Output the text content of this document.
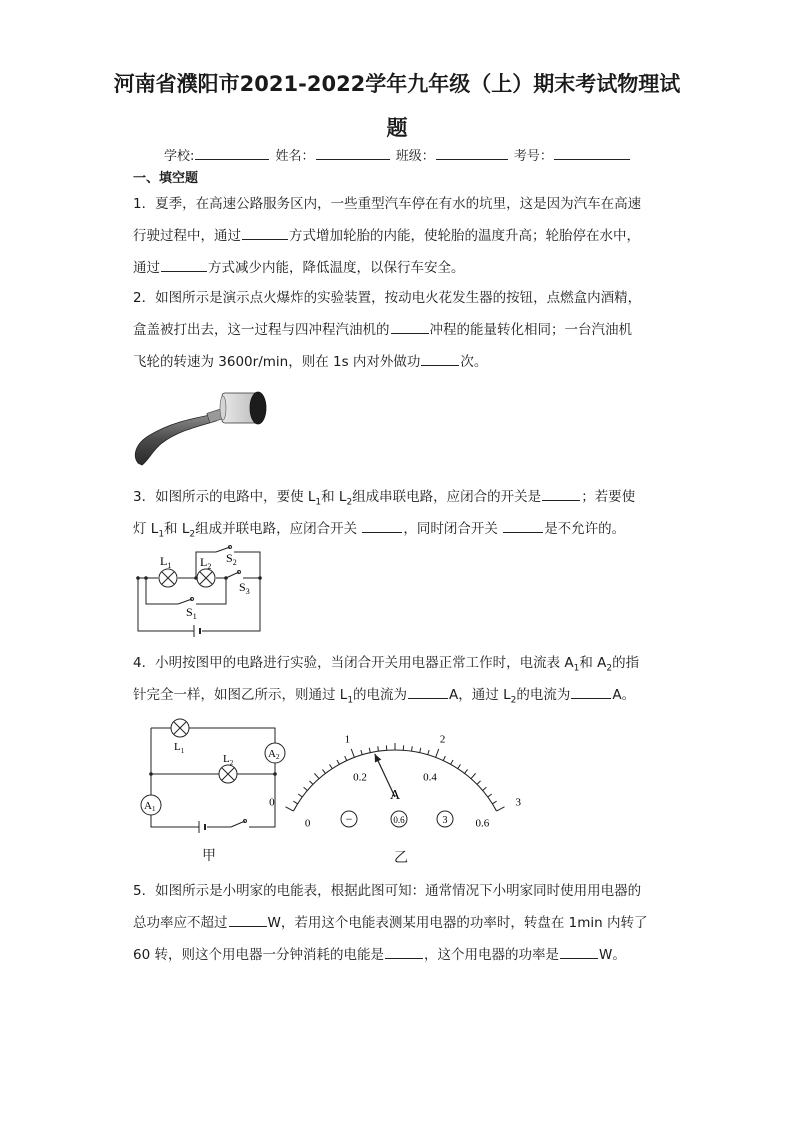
河南省濮阳市2021-2022学年九年级（上）期末考试物理试
题
学校:	姓名：	班级：	考号：
一、填空题
1．夏季，在高速公路服务区内，一些重型汽车停在有水的坑里，这是因为汽车在高速
行驶过程中，通过	方式增加轮胎的内能，使轮胎的温度升高；轮胎停在水中，
通过	方式减少内能，降低温度，以保行车安全。
2．如图所示是演示点火爆炸的实验装置，按动电火花发生器的按钮，点燃盒内酒精，
盒盖被打出去，这一过程与四冲程汽油机的	冲程的能量转化相同；一台汽油机
飞轮的转速为 3600r/min，则在 1s 内对外做功	次。
3．如图所示的电路中，要使 $L_1$和 $L_2$组成串联电路，应闭合的开关是	；若要使
灯 $L_1$和 $L_2$组成并联电路，应闭合开关	，同时闭合开关	是不允许的。
$L_1$ $L_2$
$S_2$
$S_3$
$S_1$
4．小明按图甲的电路进行实验，当闭合开关用电器正常工作时，电流表 $A_1$和 $A_2$的指
针完全一样，如图乙所示，则通过 $L_1$的电流为	A，通过 $L_2$的电流为	A。
$L_1$
$L_2$
A1
A2
甲
0
1	2
3
0
0.2	0.4
0.6
A
−	0.6	3
乙
5．如图所示是小明家的电能表，根据此图可知：通常情况下小明家同时使用用电器的
总功率应不超过	W，若用这个电能表测某用电器的功率时，转盘在 1min 内转了
60 转，则这个用电器一分钟消耗的电能是	，这个用电器的功率是	W。
